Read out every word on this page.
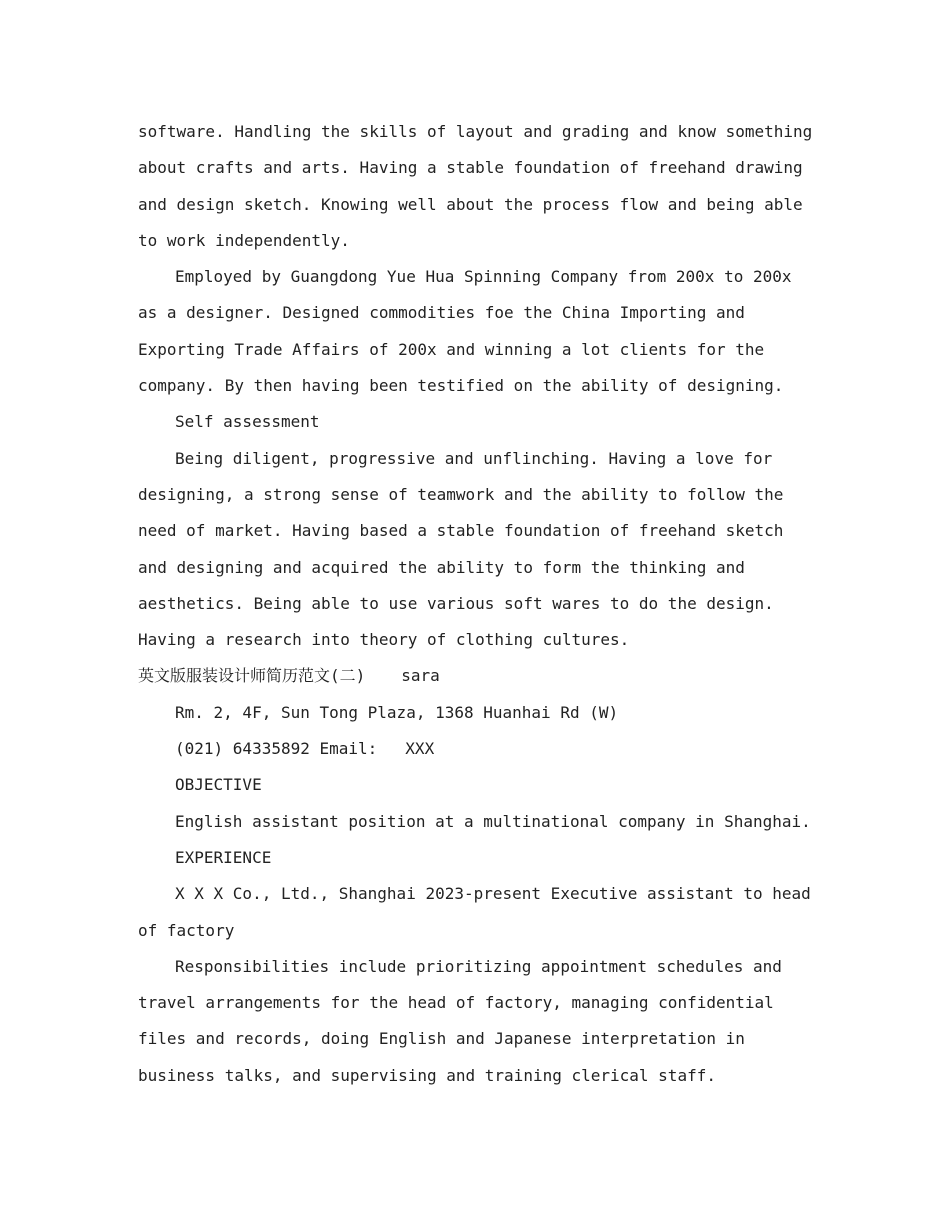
software. Handling the skills of layout and grading and know something about crafts and arts. Having a stable foundation of freehand drawing and design sketch. Knowing well about the process flow and being able to work independently.

Employed by Guangdong Yue Hua Spinning Company from 200x to 200x as a designer. Designed commodities foe the China Importing and Exporting Trade Affairs of 200x and winning a lot clients for the company. By then having been testified on the ability of designing.

Self assessment

Being diligent, progressive and unflinching. Having a love for designing, a strong sense of teamwork and the ability to follow the need of market. Having based a stable foundation of freehand sketch and designing and acquired the ability to form the thinking and aesthetics. Being able to use various soft wares to do the design. Having a research into theory of clothing cultures.

英文版服装设计师简历范文(二) sara

Rm. 2, 4F, Sun Tong Plaza, 1368 Huanhai Rd (W)

(021) 64335892 Email: XXX

OBJECTIVE

English assistant position at a multinational company in Shanghai.

EXPERIENCE

X X X Co., Ltd., Shanghai 2023-present Executive assistant to head of factory

Responsibilities include prioritizing appointment schedules and travel arrangements for the head of factory, managing confidential files and records, doing English and Japanese interpretation in business talks, and supervising and training clerical staff.
